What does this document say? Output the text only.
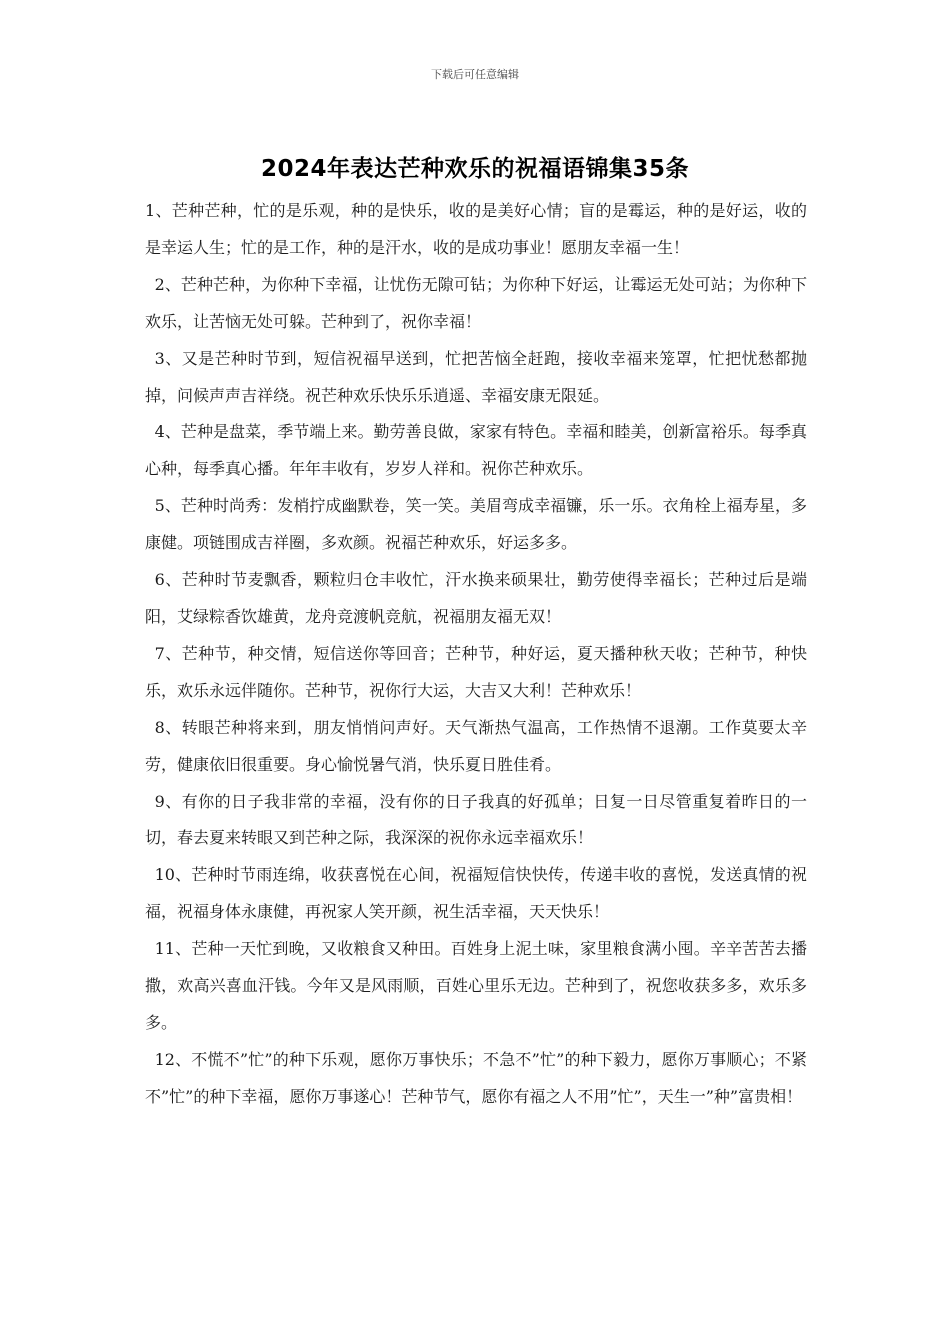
下载后可任意编辑
2024年表达芒种欢乐的祝福语锦集35条

1、芒种芒种，忙的是乐观，种的是快乐，收的是美好心情；盲的是霉运，种的是好运，收的是幸运人生；忙的是工作，种的是汗水，收的是成功事业！愿朋友幸福一生！

2、芒种芒种，为你种下幸福，让忧伤无隙可钻；为你种下好运，让霉运无处可站；为你种下欢乐，让苦恼无处可躲。芒种到了，祝你幸福！

3、又是芒种时节到，短信祝福早送到，忙把苦恼全赶跑，接收幸福来笼罩，忙把忧愁都抛掉，问候声声吉祥绕。祝芒种欢乐快乐乐逍遥、幸福安康无限延。

4、芒种是盘菜，季节端上来。勤劳善良做，家家有特色。幸福和睦美，创新富裕乐。每季真心种，每季真心播。年年丰收有，岁岁人祥和。祝你芒种欢乐。

5、芒种时尚秀：发梢拧成幽默卷，笑一笑。美眉弯成幸福镰，乐一乐。衣角栓上福寿星，多康健。项链围成吉祥圈，多欢颜。祝福芒种欢乐，好运多多。

6、芒种时节麦飘香，颗粒归仓丰收忙，汗水换来硕果壮，勤劳使得幸福长；芒种过后是端阳，艾绿粽香饮雄黄，龙舟竞渡帆竞航，祝福朋友福无双！

7、芒种节，种交情，短信送你等回音；芒种节，种好运，夏天播种秋天收；芒种节，种快乐，欢乐永远伴随你。芒种节，祝你行大运，大吉又大利！芒种欢乐！

8、转眼芒种将来到，朋友悄悄问声好。天气渐热气温高，工作热情不退潮。工作莫要太辛劳，健康依旧很重要。身心愉悦暑气消，快乐夏日胜佳肴。

9、有你的日子我非常的幸福，没有你的日子我真的好孤单；日复一日尽管重复着昨日的一切，春去夏来转眼又到芒种之际，我深深的祝你永远幸福欢乐！

10、芒种时节雨连绵，收获喜悦在心间，祝福短信快快传，传递丰收的喜悦，发送真情的祝福，祝福身体永康健，再祝家人笑开颜，祝生活幸福，天天快乐！

11、芒种一天忙到晚，又收粮食又种田。百姓身上泥土味，家里粮食满小囤。辛辛苦苦去播撒，欢高兴喜血汗钱。今年又是风雨顺，百姓心里乐无边。芒种到了，祝您收获多多，欢乐多多。

12、不慌不”忙”的种下乐观，愿你万事快乐；不急不”忙”的种下毅力，愿你万事顺心；不紧不”忙”的种下幸福，愿你万事遂心！芒种节气，愿你有福之人不用”忙”，天生一”种”富贵相！
